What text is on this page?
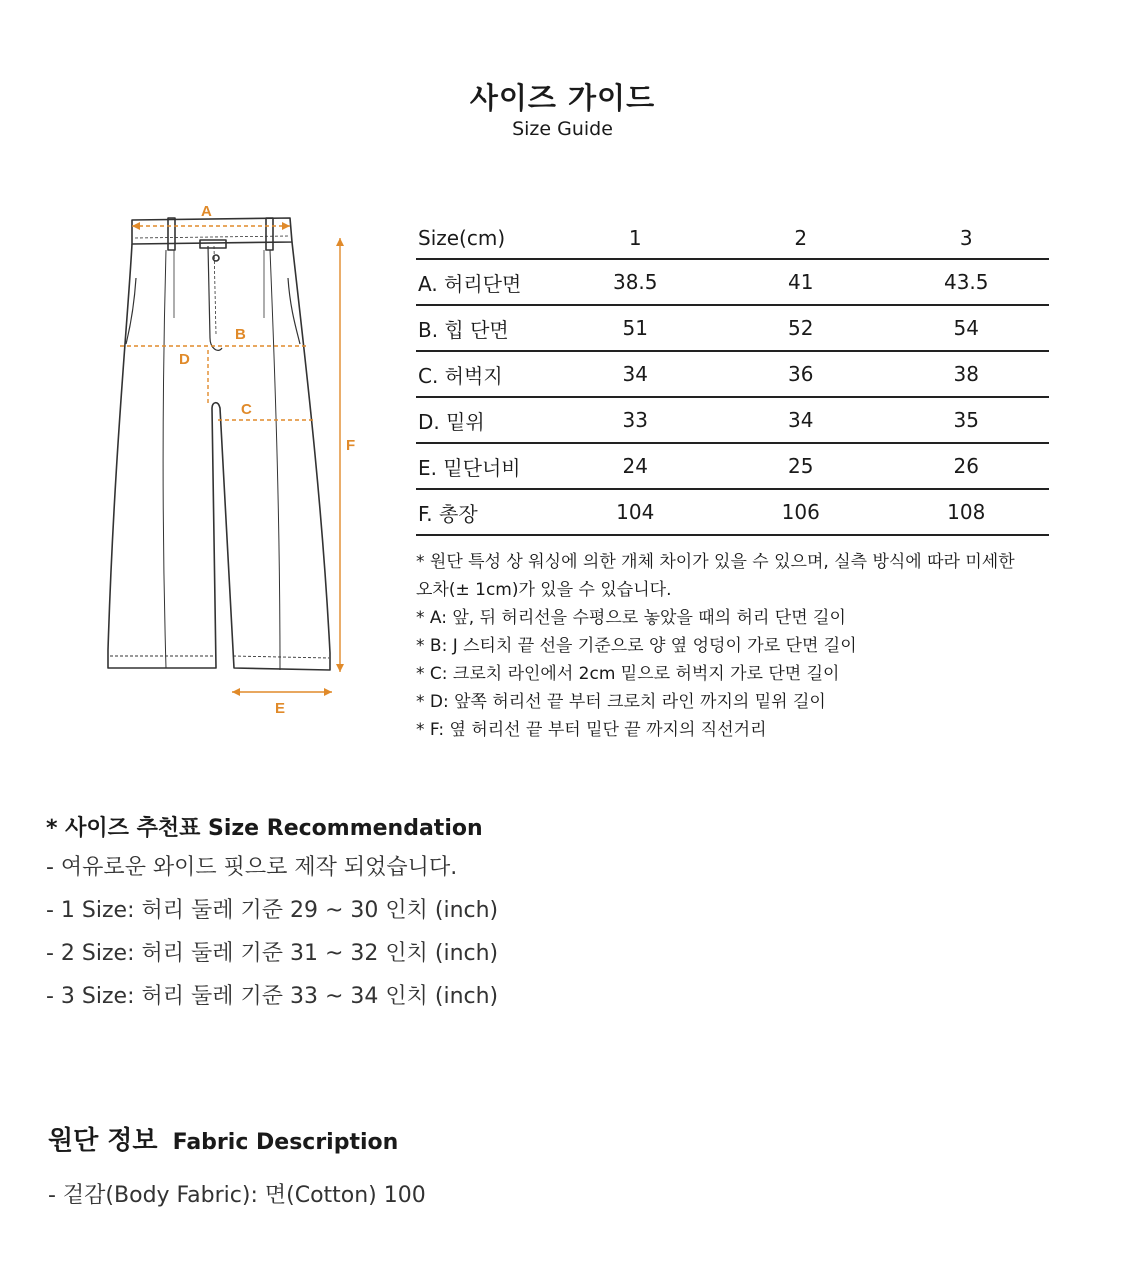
사이즈 가이드
Size Guide
A
B
C
D
E
F
Size(cm)	1	2	3
A. 허리단면	38.5	41	43.5
B. 힙 단면	51	52	54
C. 허벅지	34	36	38
D. 밑위	33	34	35
E. 밑단너비	24	25	26
F. 총장	104	106	108
* 원단 특성 상 워싱에 의한 개체 차이가 있을 수 있으며, 실측 방식에 따라 미세한
오차(± 1cm)가 있을 수 있습니다.
* A: 앞, 뒤 허리선을 수평으로 놓았을 때의 허리 단면 길이
* B: J 스티치 끝 선을 기준으로 양 옆 엉덩이 가로 단면 길이
* C: 크로치 라인에서 2cm 밑으로 허벅지 가로 단면 길이
* D: 앞쪽 허리선 끝 부터 크로치 라인 까지의 밑위 길이
* F: 옆 허리선 끝 부터 밑단 끝 까지의 직선거리
* 사이즈 추천표 Size Recommendation
- 여유로운 와이드 핏으로 제작 되었습니다.
- 1 Size: 허리 둘레 기준 29 ~ 30 인치 (inch)
- 2 Size: 허리 둘레 기준 31 ~ 32 인치 (inch)
- 3 Size: 허리 둘레 기준 33 ~ 34 인치 (inch)
원단 정보 Fabric Description
- 겉감(Body Fabric): 면(Cotton) 100
